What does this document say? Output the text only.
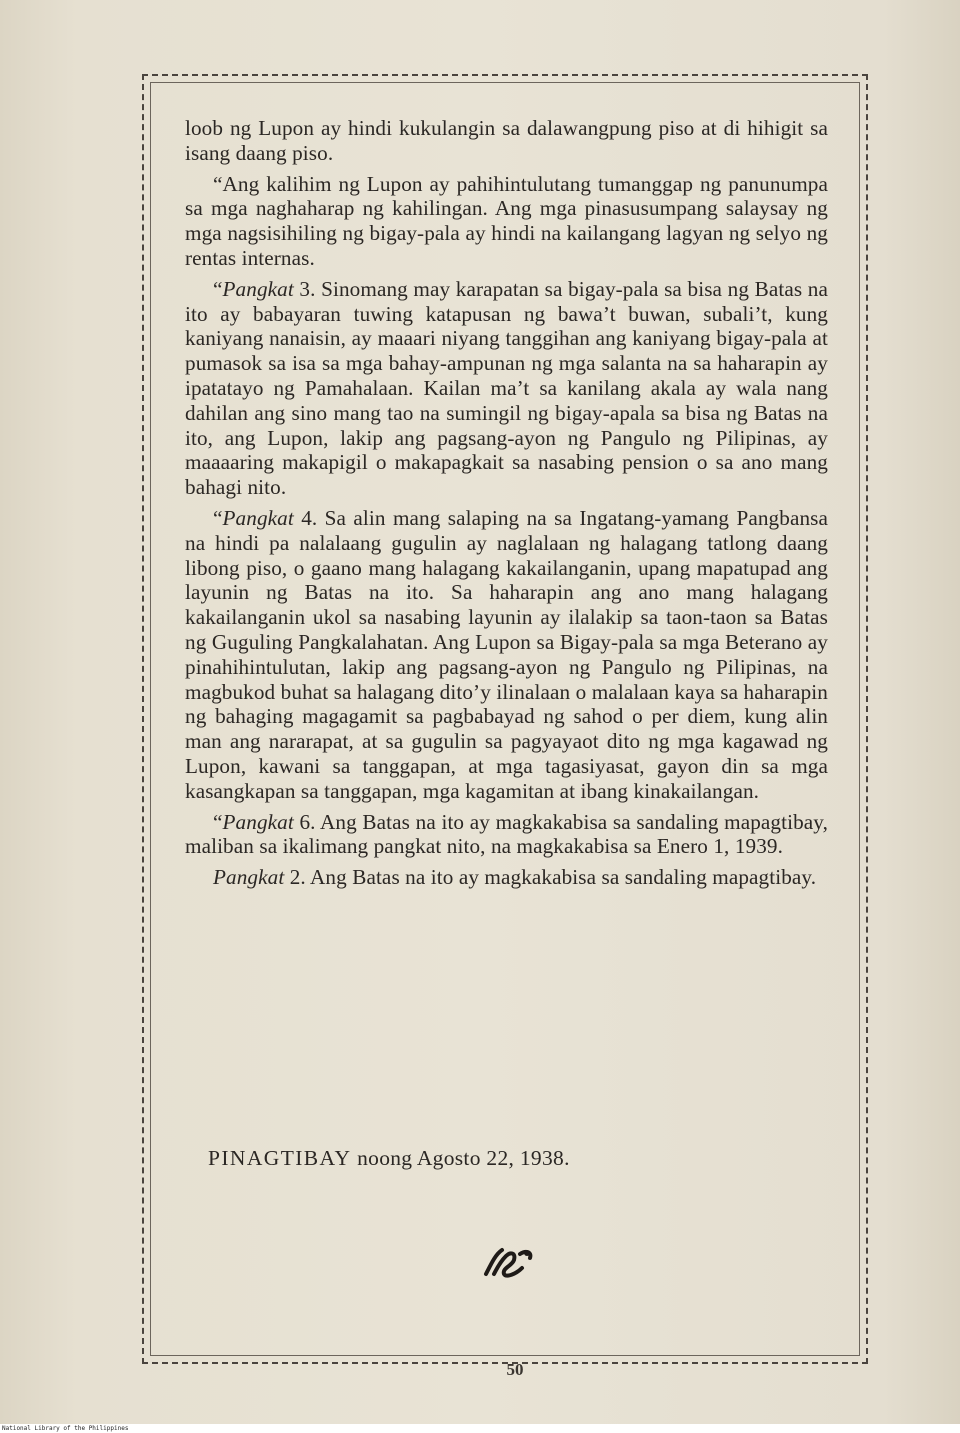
loob ng Lupon ay hindi kukulangin sa dalawangpung piso at di hihigit sa isang daang piso.

“Ang kalihim ng Lupon ay pahihintulutang tumanggap ng panunumpa sa mga naghaharap ng kahilingan. Ang mga pinasusumpang salaysay ng mga nagsisihiling ng bigay-pala ay hindi na kailangang lagyan ng selyo ng rentas internas.

“Pangkat 3. Sinomang may karapatan sa bigay-pala sa bisa ng Batas na ito ay babayaran tuwing katapusan ng bawa’t buwan, subali’t, kung kaniyang nanaisin, ay maaari niyang tanggihan ang kaniyang bigay-pala at pumasok sa isa sa mga bahay-ampunan ng mga salanta na sa haharapin ay ipatatayo ng Pamahalaan. Kailan ma’t sa kanilang akala ay wala nang dahilan ang sino mang tao na sumingil ng bigay-apala sa bisa ng Batas na ito, ang Lupon, lakip ang pagsang-ayon ng Pangulo ng Pilipinas, ay maaaaring makapigil o makapagkait sa nasabing pension o sa ano mang bahagi nito.

“Pangkat 4. Sa alin mang salaping na sa Ingatang-yamang Pangbansa na hindi pa nalalaang gugulin ay naglalaan ng halagang tatlong daang libong piso, o gaano mang halagang kakailanganin, upang mapatupad ang layunin ng Batas na ito. Sa haharapin ang ano mang halagang kakailanganin ukol sa nasabing layunin ay ilalakip sa taon-taon sa Batas ng Guguling Pangkalahatan. Ang Lupon sa Bigay-pala sa mga Beterano ay pinahihintulutan, lakip ang pagsang-ayon ng Pangulo ng Pilipinas, na magbukod buhat sa halagang dito’y ilinalaan o malalaan kaya sa haharapin ng bahaging magagamit sa pagbabayad ng sahod o per diem, kung alin man ang nararapat, at sa gugulin sa pagyayaot dito ng mga kagawad ng Lupon, kawani sa tanggapan, at mga tagasiyasat, gayon din sa mga kasangkapan sa tanggapan, mga kagamitan at ibang kinakailangan.

“Pangkat 6. Ang Batas na ito ay magkakabisa sa sandaling mapagtibay, maliban sa ikalimang pangkat nito, na magkakabisa sa Enero 1, 1939.

Pangkat 2. Ang Batas na ito ay magkakabisa sa sandaling mapagtibay.

PINAGTIBAY noong Agosto 22, 1938.
50
National Library of the Philippines
